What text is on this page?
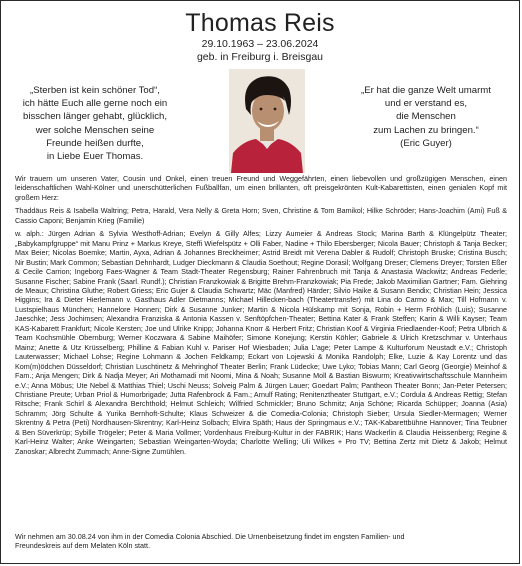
Thomas Reis
29.10.1963 – 23.06.2024
geb. in Freiburg i. Breisgau
„Sterben ist kein schöner Tod“,
ich hätte Euch alle gerne noch ein
bisschen länger gehabt, glücklich,
wer solche Menschen seine
Freunde heißen durfte,
in Liebe Euer Thomas.
„Er hat die ganze Welt umarmt
und er verstand es,
die Menschen
zum Lachen zu bringen.“
(Eric Guyer)

Wir trauern um unseren Vater, Cousin und Onkel, einen treuen Freund und Weggefährten, einen liebevollen und großzügigen Menschen, einen leidenschaftlichen Wahl-Kölner und unerschütterlichen Fußballfan, um einen brillanten, oft preisgekrönten Kult-Kabarettisten, einen genialen Kopf mit großem Herz:

Thaddäus Reis & Isabella Waltring; Petra, Harald, Vera Nelly & Greta Horn; Sven, Christine & Tom Bamikol; Hilke Schröder; Hans-Joachim (Ami) Fuß & Cassio Caponi; Benjamin Krieg (Familie)

w. alph.: Jürgen Adrian & Sylvia Westhoff-Adrian; Evelyn & Gilly Alfes; Lizzy Aumeier & Andreas Stock; Marina Barth & Klüngelpütz Theater; „Babykampfgruppe“ mit Manu Prinz + Markus Kreye, Steffi Wiefelspütz + Olli Faber, Nadine + Thilo Ebersberger; Nicola Bauer; Christoph & Tanja Becker; Max Beier; Nicolas Boemke; Martin, Ayxa, Adrian & Johannes Breckheimer; Astrid Breidt mit Verena Dabler & Rudolf; Christoph Bruske; Cristina Busch; Nir Bustin; Mark Common; Sebastian Dehnhardt, Ludger Dieckmann & Claudia Soethout; Regine Dorasil; Wolfgang Dreser; Clemens Dreyer; Torsten Eßer & Cecile Carrion; Ingeborg Faes-Wagner & Team Stadt-Theater Regensburg; Rainer Fahrenbruch mit Tanja & Anastasia Wackwitz; Andreas Federle; Susanne Fischer; Sabine Frank (Saarl. Rundf.); Christian Franzkowiak & Brigitte Brehm-Franzkowiak; Pia Frede; Jakob Maximilian Gartner; Fam. Giehring de Meaux; Christina Gluthe; Robert Griess; Eric Gujer & Claudia Schwartz; Mäc (Manfred) Härder; Silvio Haike & Susann Bendix; Christian Hein; Jessica Higgins; Ira & Dieter Hierlemann v. Gasthaus Adler Dietmanns; Michael Hillecken-bach (Theatertransfer) mit Lina do Carmo & Max; Till Hofmann v. Lustspielhaus München; Hannelore Honnen; Dirk & Susanne Junker; Martin & Nicola Hülskamp mit Sonja, Robin + Herrn Fröhlich (Luis); Susanne Jaeschke; Jess Jochimsen; Alexandra Franziska & Antonia Kassen v. Senftöpfchen-Theater; Bettina Kater & Frank Steffen; Karin & Willi Kayser; Team KAS-Kabarett Frankfurt; Nicole Kersten; Joe und Ulrike Knipp; Johanna Knorr & Herbert Fritz; Christian Koof & Virginia Friedlaender-Koof; Petra Ulbrich & Team Kochsmühle Obernburg; Werner Koczwara & Sabine Maihöfer; Simone Konejung; Kerstin Köhler; Gabriele & Ulrich Kretzschmar v. Unterhaus Mainz; Anette & Utz Krüsselberg; Philline & Fabian Kuhl v. Pariser Hof Wiesbaden; Julia L'age; Peter Lampe & Kulturforum Neustadt e.V.; Christoph Lauterwasser; Michael Lohse; Regine Lohmann & Jochen Feldkamp; Eckart von Lojewski & Monika Randolph; Elke, Luzie & Kay Lorentz und das Kom(m)ödchen Düsseldorf; Christian Luschtinetz & Mehringhof Theater Berlin; Frank Lüdecke; Uwe Lyko; Tobias Mann; Carl Georg (Georgie) Meinhof & Fam.; Anja Mengen; Dirk & Nadja Meyer; Ari Mothamadi mit Noomi, Mina & Noah; Susanne Moll & Bastian Biswurm; Kreativwirtschaftsschule Mannheim e.V.; Anna Möbus; Ute Nebel & Matthias Thiel; Uschi Neuss; Solveig Palm & Jürgen Lauer; Goedart Palm; Pantheon Theater Bonn; Jan-Peter Petersen; Christiane Preute; Urban Priol & Humorbrigade; Jutta Rafenbrock & Fam.; Arnulf Rating; Renitenztheater Stuttgart, e.V.; Cordula & Andreas Rettig; Stefan Ritsche; Frank Schirl & Alexandra Berchthold; Helmut Schleich; Wilfried Schmickler; Bruno Schmitz; Anja Schöne; Ricarda Schüpper; Joanna (Asia) Schramm; Jörg Schulte & Yurika Bernhoft-Schulte; Klaus Schweizer & die Comedia-Colonia; Christoph Sieber; Ursula Siedler-Mermagen; Werner Skrentny & Petra (Peti) Nordhausen-Skrentny; Karl-Heinz Solbach; Elvira Späth; Haus der Springmaus e.V.; TAK-Kabarettbühne Hannover; Tina Teubner & Ben Süverkrüp; Sybille Trögeler; Peter & Maria Vollmer; Vordenhaus Freiburg-Kultur in der FABRIK; Hans Wackerlin & Claudia Heissenberg; Regine & Karl-Heinz Walter; Anke Weingarten; Sebastian Weingarten-Woyda; Charlotte Welling; Uli Wilkes + Pro TV; Bettina Zertz mit Dietz & Jakob; Helmut Zanoskar; Albrecht Zummach; Anne-Signe Zumühlen.

Wir nehmen am 30.08.24 von ihm in der Comedia Colonia Abschied. Die Urnenbeisetzung findet im engsten Familien- und
Freundeskreis auf dem Melaten Köln statt.
